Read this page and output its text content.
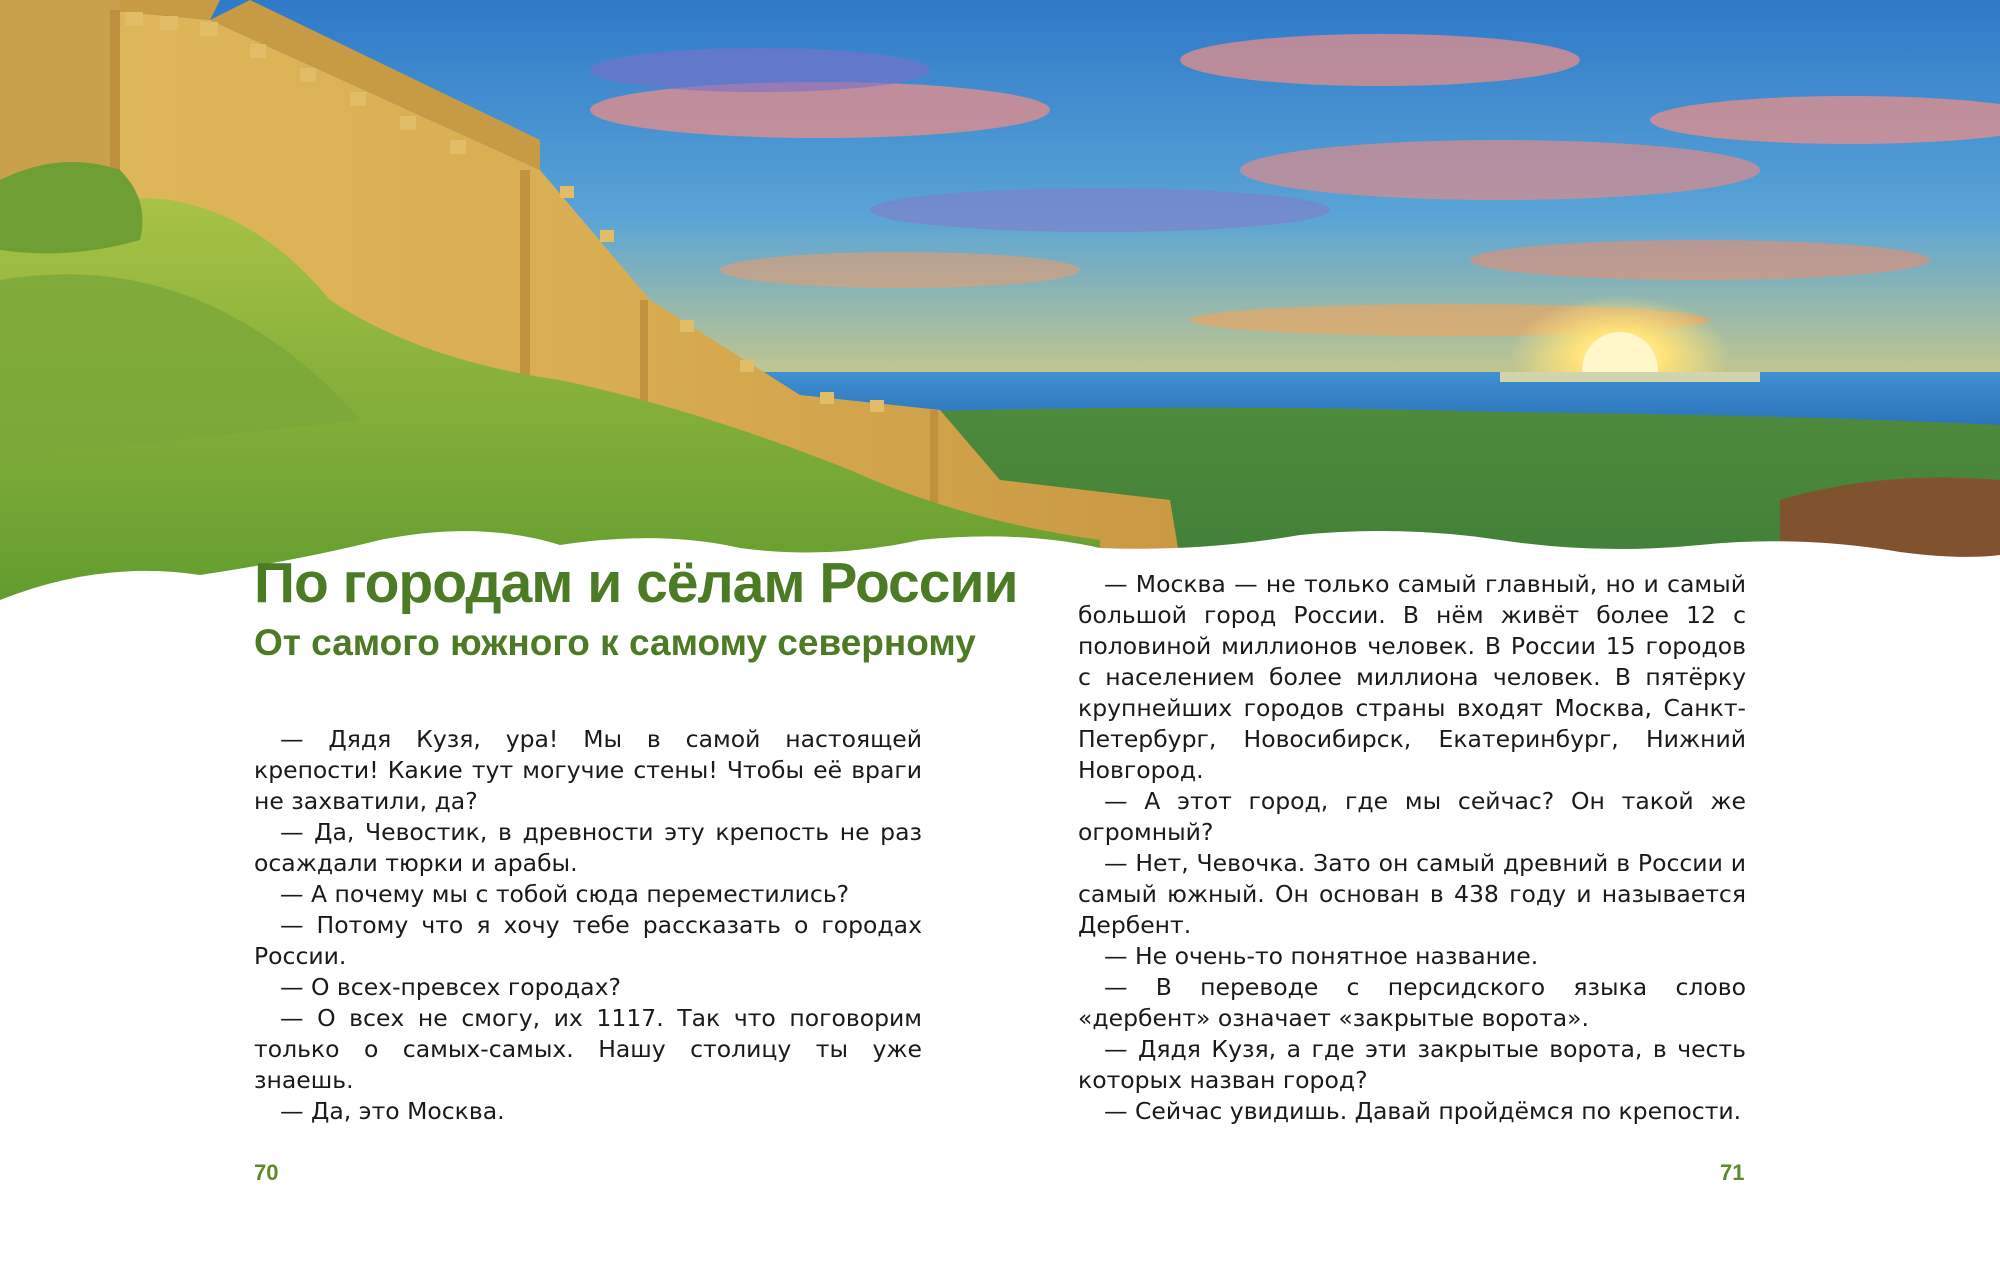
По городам и сёлам России
От самого южного к самому северному

— Дядя Кузя, ура! Мы в самой настоящей крепости! Какие тут могучие стены! Чтобы её враги не захватили, да?

— Да, Чевостик, в древности эту крепость не раз осаждали тюрки и арабы.

— А почему мы с тобой сюда переместились?

— Потому что я хочу тебе рассказать о городах России.

— О всех-превсех городах?

— О всех не смогу, их 1117. Так что поговорим только о самых-самых. Нашу столицу ты уже знаешь.

— Да, это Москва.

— Москва — не только самый главный, но и самый большой город России. В нём живёт более 12 с половиной миллионов человек. В России 15 городов с населением более миллиона человек. В пятёрку крупнейших городов страны входят Москва, Санкт-Петербург, Новосибирск, Екатеринбург, Нижний Новгород.

— А этот город, где мы сейчас? Он такой же огромный?

— Нет, Чевочка. Зато он самый древний в России и самый южный. Он основан в 438 году и называется Дербент.

— Не очень-то понятное название.

— В переводе с персидского языка слово «дербент» означает «закрытые ворота».

— Дядя Кузя, а где эти закрытые ворота, в честь которых назван город?

— Сейчас увидишь. Давай пройдёмся по крепости.

70	71
